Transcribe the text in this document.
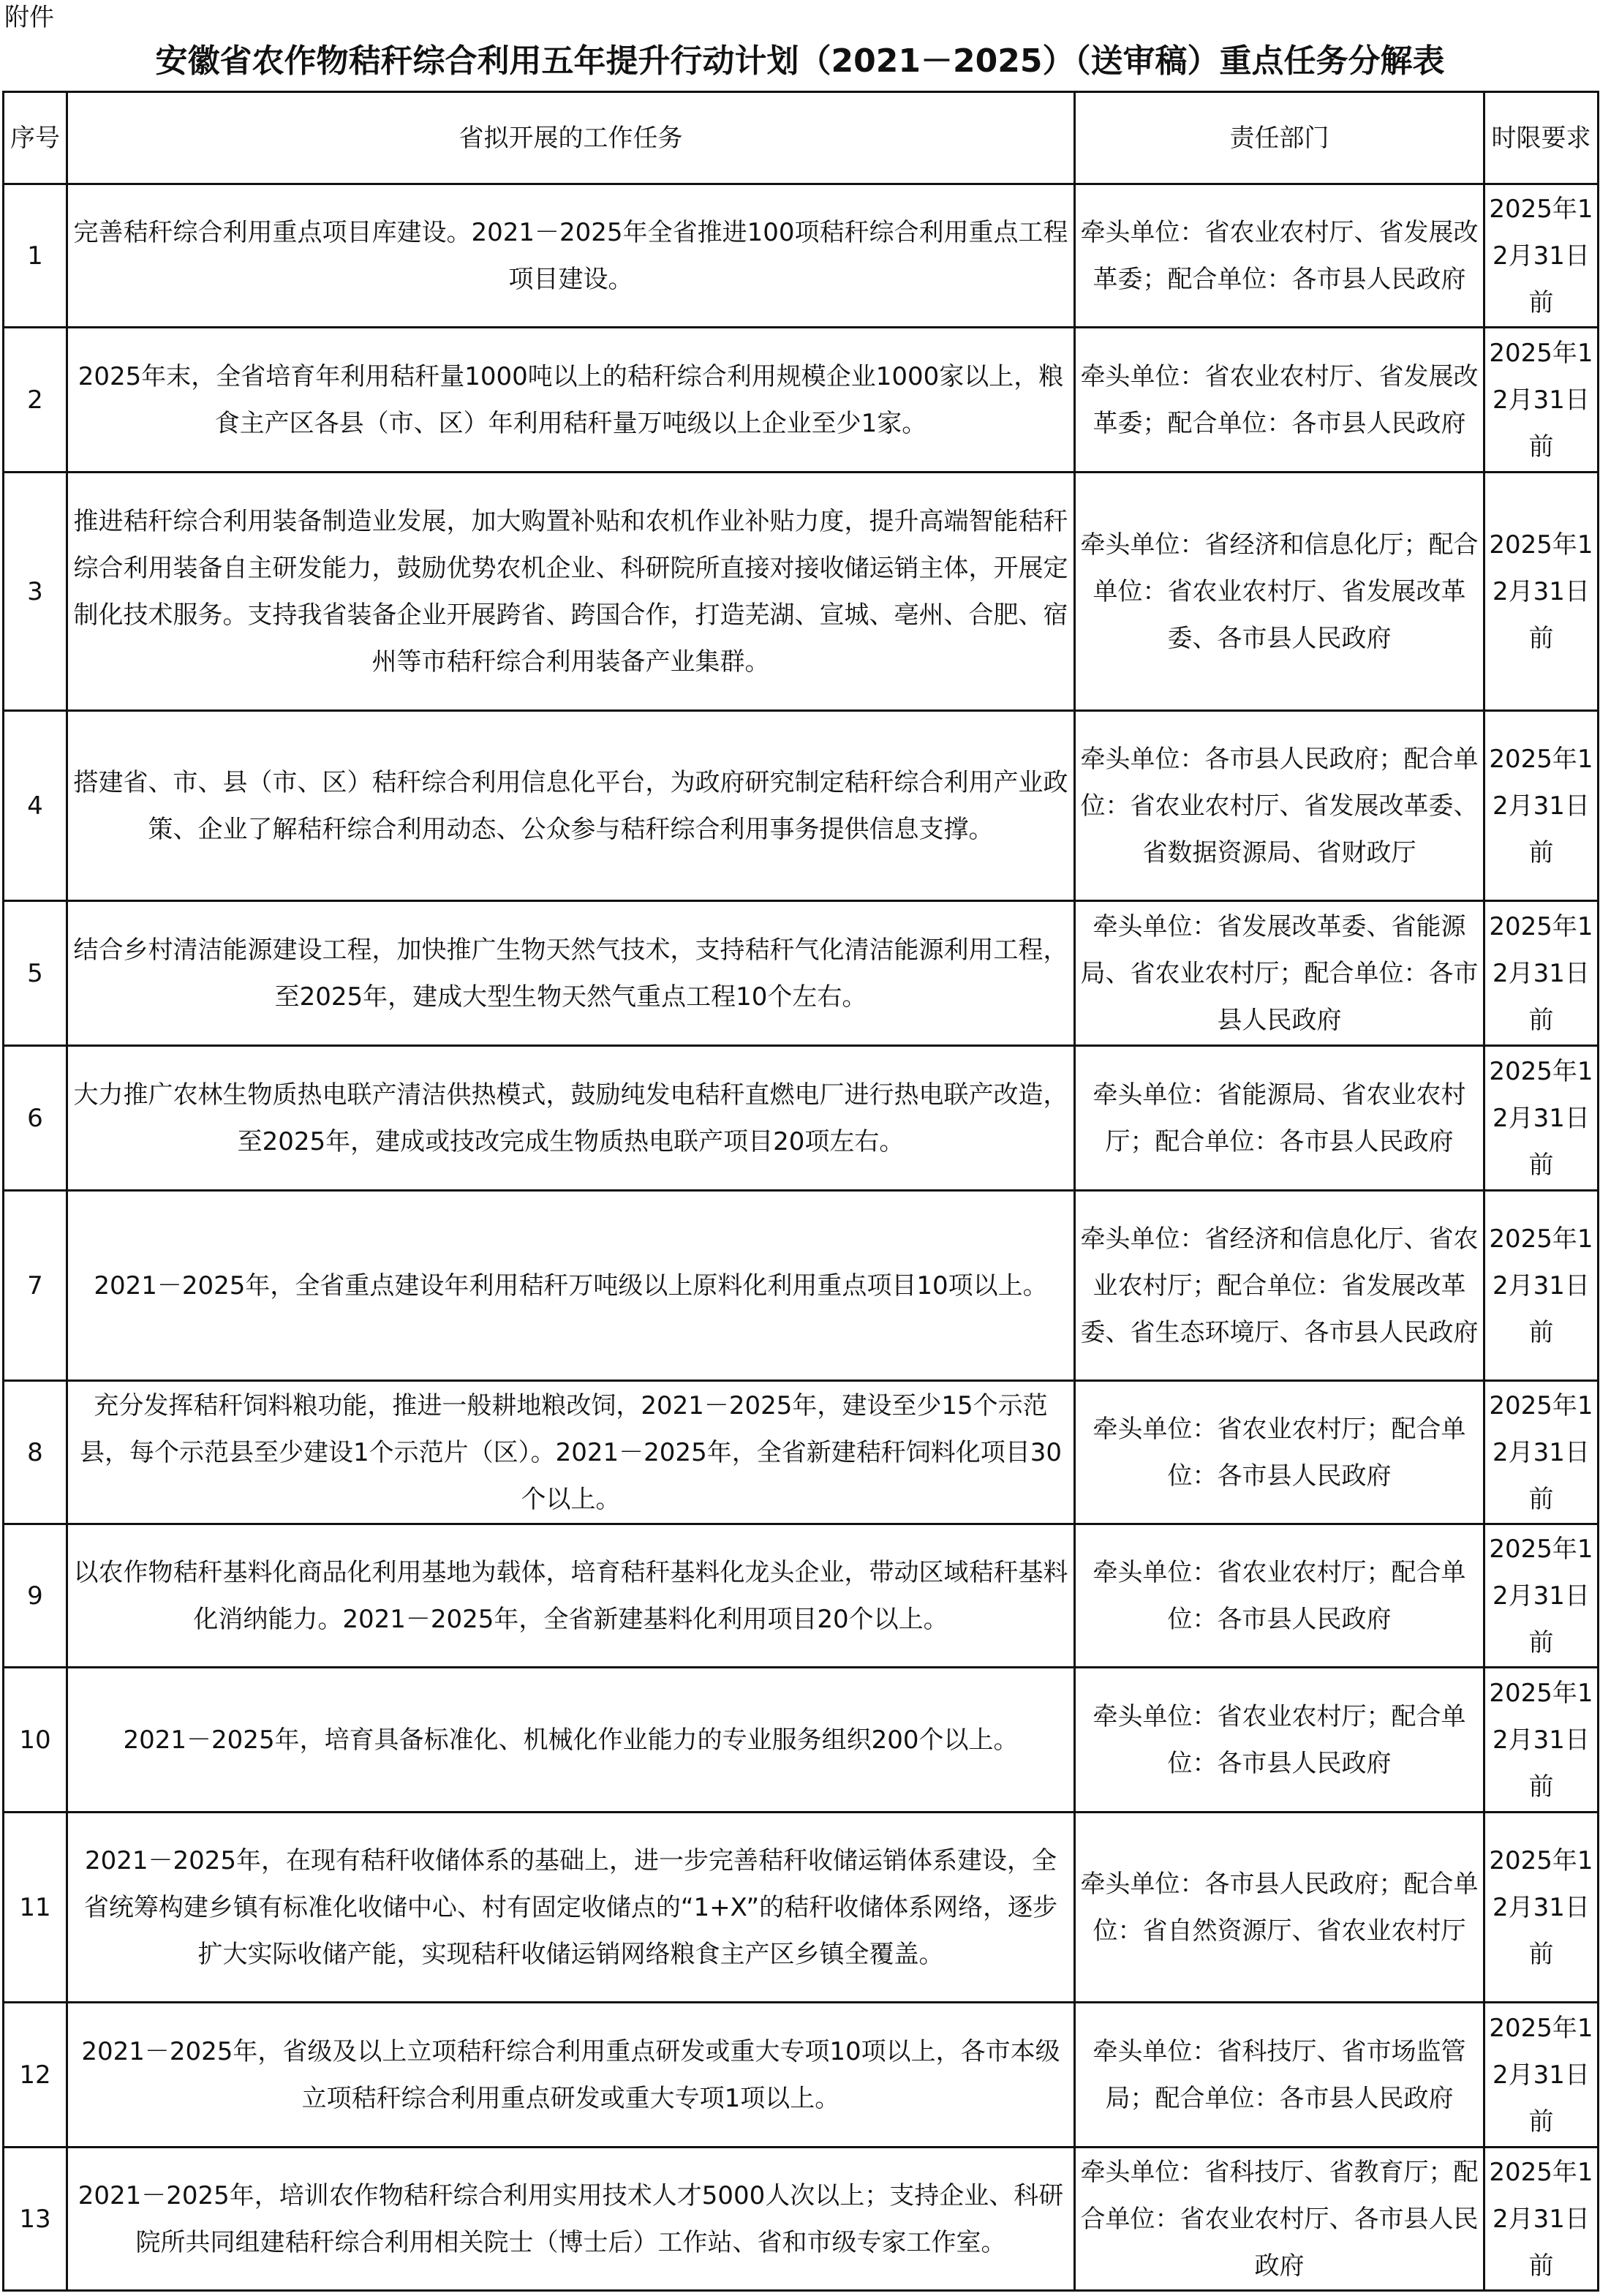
附件
安徽省农作物秸秆综合利用五年提升行动计划（2021－2025）（送审稿）重点任务分解表
序号	省拟开展的工作任务	责任部门	时限要求
1	完善秸秆综合利用重点项目库建设。2021－2025年全省推进100项秸秆综合利用重点工程项目建设。	牵头单位：省农业农村厅、省发展改革委；配合单位：各市县人民政府	2025年12月31日前
2	2025年末，全省培育年利用秸秆量1000吨以上的秸秆综合利用规模企业1000家以上，粮食主产区各县（市、区）年利用秸秆量万吨级以上企业至少1家。	牵头单位：省农业农村厅、省发展改革委；配合单位：各市县人民政府	2025年12月31日前
3	推进秸秆综合利用装备制造业发展，加大购置补贴和农机作业补贴力度，提升高端智能秸秆综合利用装备自主研发能力，鼓励优势农机企业、科研院所直接对接收储运销主体，开展定制化技术服务。支持我省装备企业开展跨省、跨国合作，打造芜湖、宣城、亳州、合肥、宿州等市秸秆综合利用装备产业集群。	牵头单位：省经济和信息化厅；配合单位：省农业农村厅、省发展改革委、各市县人民政府	2025年12月31日前
4	搭建省、市、县（市、区）秸秆综合利用信息化平台，为政府研究制定秸秆综合利用产业政策、企业了解秸秆综合利用动态、公众参与秸秆综合利用事务提供信息支撑。	牵头单位：各市县人民政府；配合单位：省农业农村厅、省发展改革委、省数据资源局、省财政厅	2025年12月31日前
5	结合乡村清洁能源建设工程，加快推广生物天然气技术，支持秸秆气化清洁能源利用工程，至2025年，建成大型生物天然气重点工程10个左右。	牵头单位：省发展改革委、省能源局、省农业农村厅；配合单位：各市县人民政府	2025年12月31日前
6	大力推广农林生物质热电联产清洁供热模式，鼓励纯发电秸秆直燃电厂进行热电联产改造，至2025年，建成或技改完成生物质热电联产项目20项左右。	牵头单位：省能源局、省农业农村厅；配合单位：各市县人民政府	2025年12月31日前
7	2021－2025年，全省重点建设年利用秸秆万吨级以上原料化利用重点项目10项以上。	牵头单位：省经济和信息化厅、省农业农村厅；配合单位：省发展改革委、省生态环境厅、各市县人民政府	2025年12月31日前
8	充分发挥秸秆饲料粮功能，推进一般耕地粮改饲，2021－2025年，建设至少15个示范县，每个示范县至少建设1个示范片（区）。2021－2025年，全省新建秸秆饲料化项目30个以上。	牵头单位：省农业农村厅；配合单位：各市县人民政府	2025年12月31日前
9	以农作物秸秆基料化商品化利用基地为载体，培育秸秆基料化龙头企业，带动区域秸秆基料化消纳能力。2021－2025年，全省新建基料化利用项目20个以上。	牵头单位：省农业农村厅；配合单位：各市县人民政府	2025年12月31日前
10	2021－2025年，培育具备标准化、机械化作业能力的专业服务组织200个以上。	牵头单位：省农业农村厅；配合单位：各市县人民政府	2025年12月31日前
11	2021－2025年，在现有秸秆收储体系的基础上，进一步完善秸秆收储运销体系建设，全省统筹构建乡镇有标准化收储中心、村有固定收储点的“1+X”的秸秆收储体系网络，逐步扩大实际收储产能，实现秸秆收储运销网络粮食主产区乡镇全覆盖。	牵头单位：各市县人民政府；配合单位：省自然资源厅、省农业农村厅	2025年12月31日前
12	2021－2025年，省级及以上立项秸秆综合利用重点研发或重大专项10项以上，各市本级立项秸秆综合利用重点研发或重大专项1项以上。	牵头单位：省科技厅、省市场监管局；配合单位：各市县人民政府	2025年12月31日前
13	2021－2025年，培训农作物秸秆综合利用实用技术人才5000人次以上；支持企业、科研院所共同组建秸秆综合利用相关院士（博士后）工作站、省和市级专家工作室。	牵头单位：省科技厅、省教育厅；配合单位：省农业农村厅、各市县人民政府	2025年12月31日前
